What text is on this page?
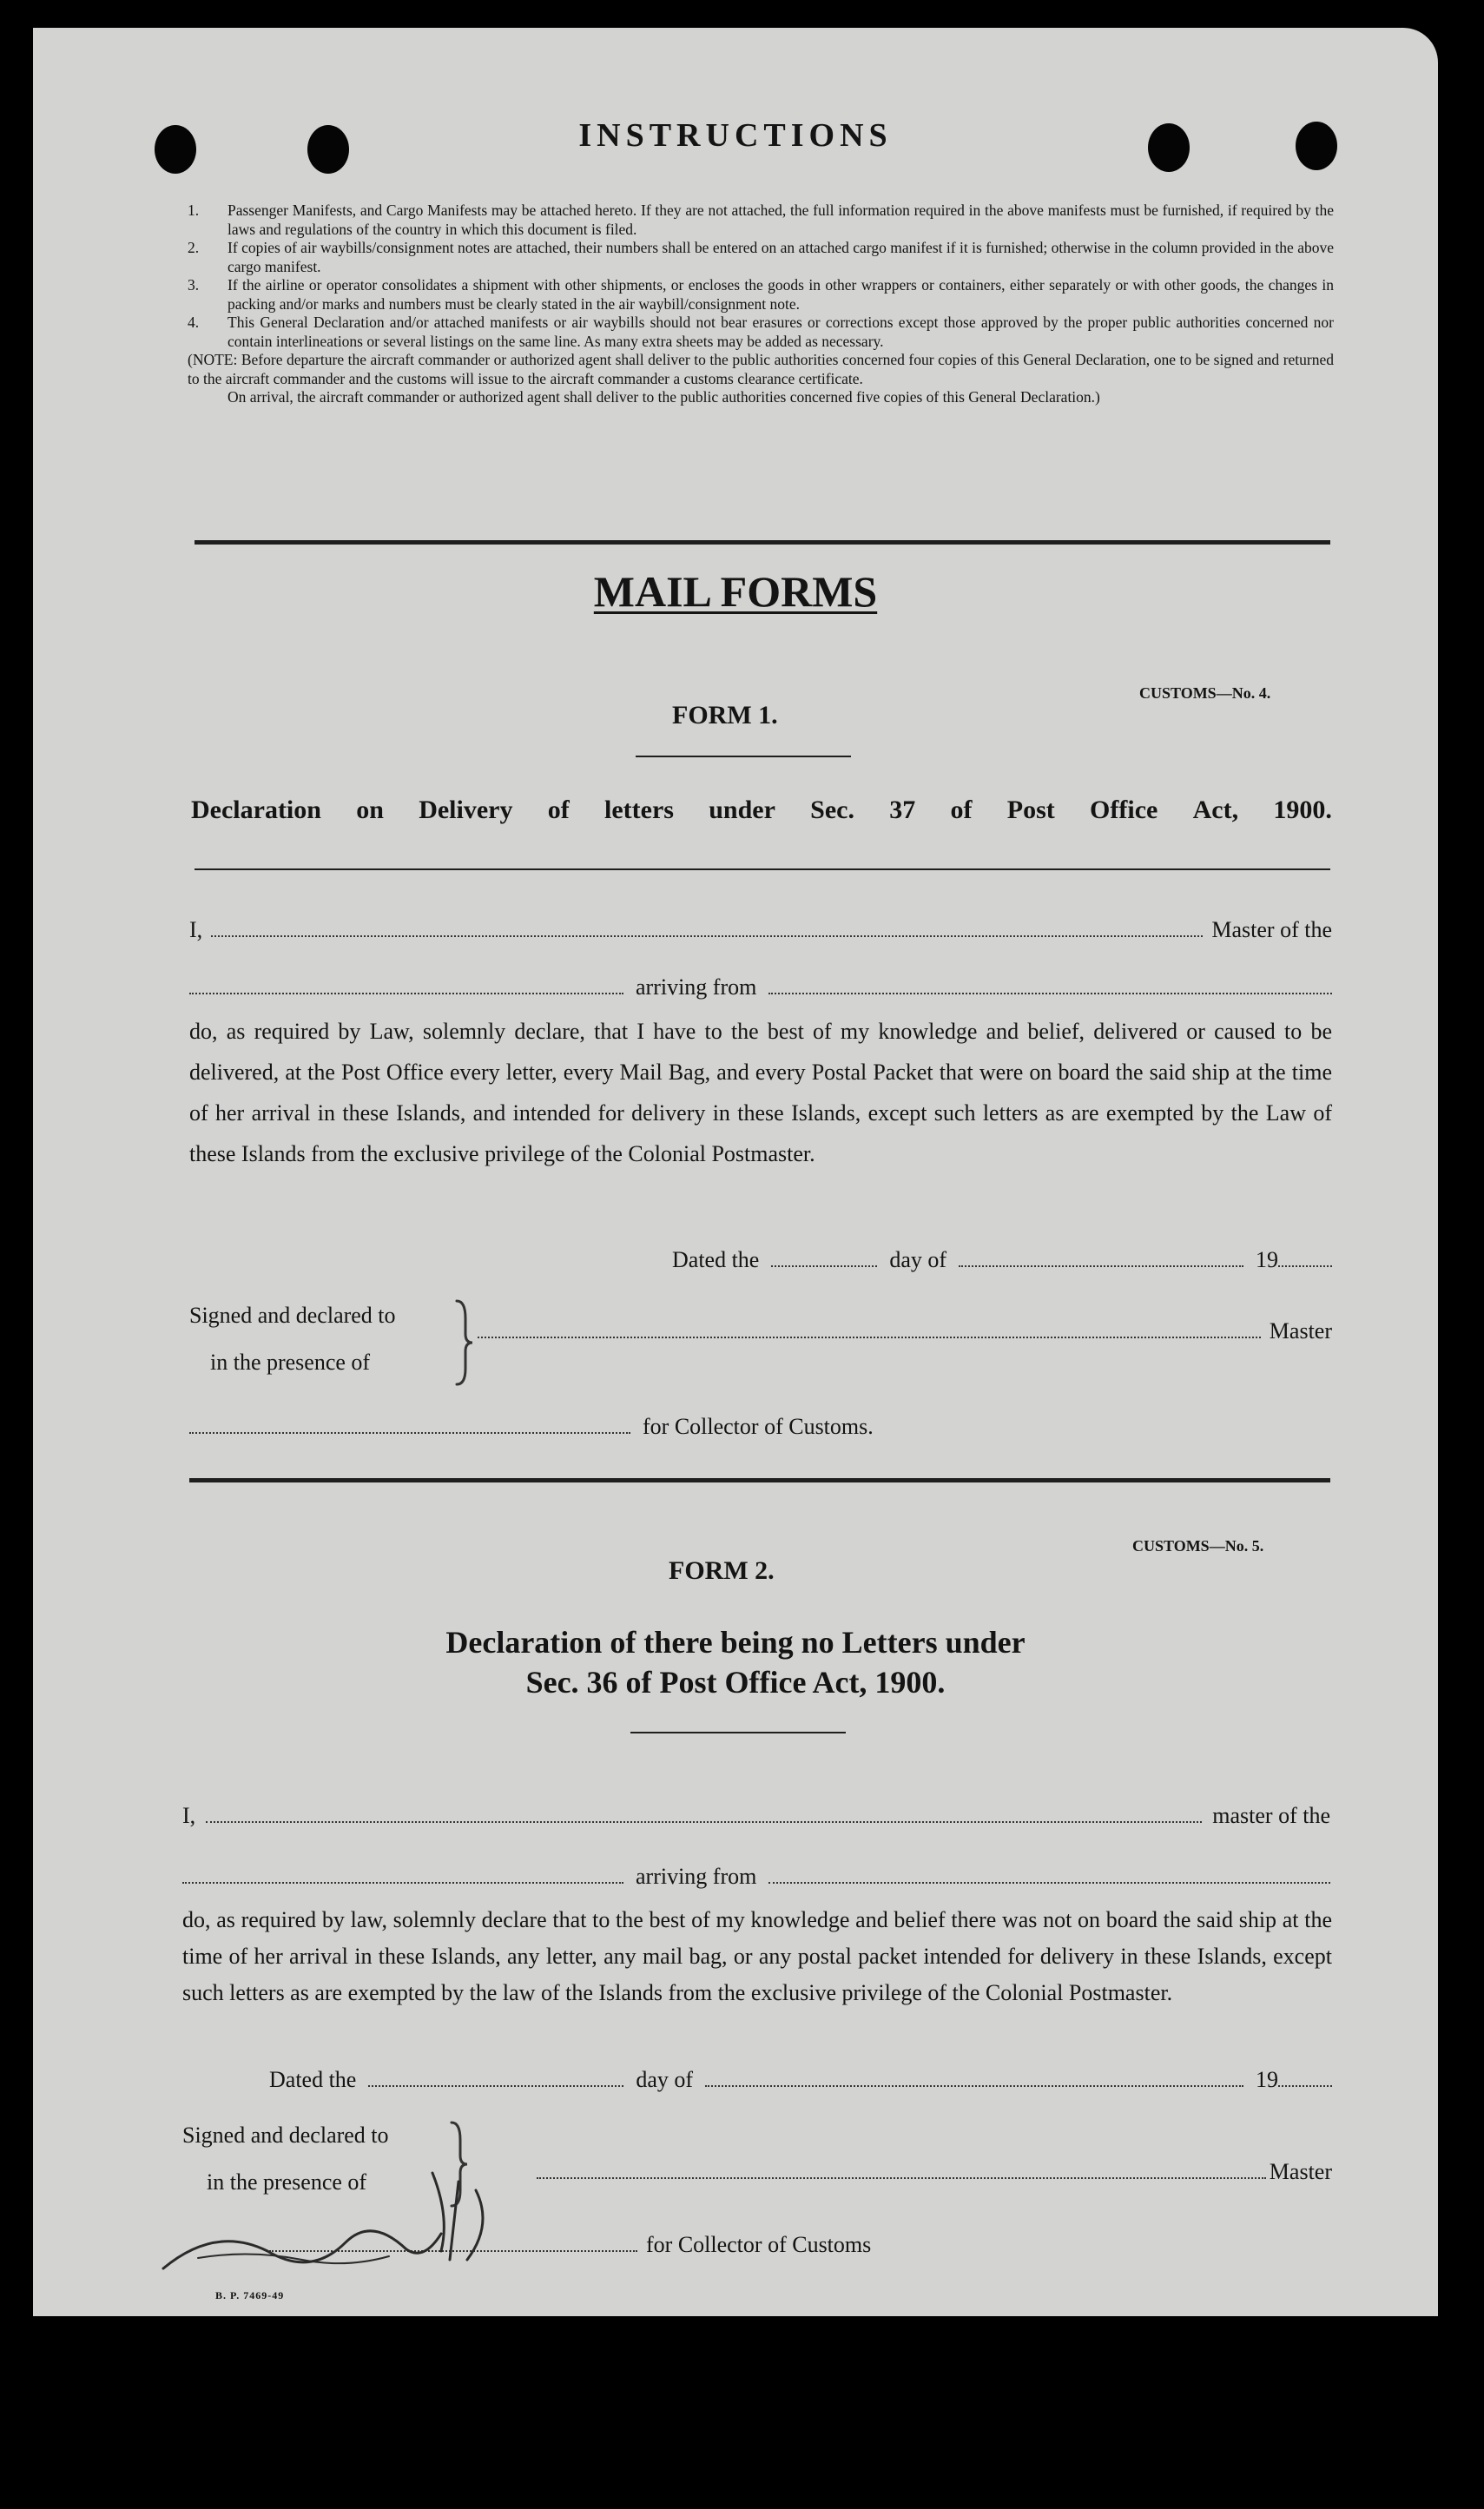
INSTRUCTIONS
1.	Passenger Manifests, and Cargo Manifests may be attached hereto. If they are not attached, the full information required in the above manifests must be furnished, if required by the laws and regulations of the country in which this document is filed.
2.	If copies of air waybills/consignment notes are attached, their numbers shall be entered on an attached cargo manifest if it is furnished; otherwise in the column provided in the above cargo manifest.
3.	If the airline or operator consolidates a shipment with other shipments, or encloses the goods in other wrappers or containers, either separately or with other goods, the changes in packing and/or marks and numbers must be clearly stated in the air waybill/consignment note.
4.	This General Declaration and/or attached manifests or air waybills should not bear erasures or corrections except those approved by the proper public authorities concerned nor contain interlineations or several listings on the same line. As many extra sheets may be added as necessary.
(NOTE: Before departure the aircraft commander or authorized agent shall deliver to the public authorities concerned four copies of this General Declaration, one to be signed and returned to the aircraft commander and the customs will issue to the aircraft commander a customs clearance certificate.
On arrival, the aircraft commander or authorized agent shall deliver to the public authorities concerned five copies of this General Declaration.)
MAIL FORMS
CUSTOMS—No. 4.
FORM 1.
Declaration on Delivery of letters under Sec. 37 of Post Office Act, 1900.
I,	Master of the
arriving from
do, as required by Law, solemnly declare, that I have to the best of my knowledge and belief, delivered or caused to be delivered, at the Post Office every letter, every Mail Bag, and every Postal Packet that were on board the said ship at the time of her arrival in these Islands, and intended for delivery in these Islands, except such letters as are exempted by the Law of these Islands from the exclusive privilege of the Colonial Postmaster.
Dated the	day of	19
Signed and declared to
in the presence of
Master
for Collector of Customs.
CUSTOMS—No. 5.
FORM 2.
Declaration of there being no Letters under
Sec. 36 of Post Office Act, 1900.
I,	master of the
arriving from
do, as required by law, solemnly declare that to the best of my knowledge and belief there was not on board the said ship at the time of her arrival in these Islands, any letter, any mail bag, or any postal packet intended for delivery in these Islands, except such letters as are exempted by the law of the Islands from the exclusive privilege of the Colonial Postmaster.
Dated the	day of	19
Signed and declared to
in the presence of	Master
for Collector of Customs
B. P. 7469-49
